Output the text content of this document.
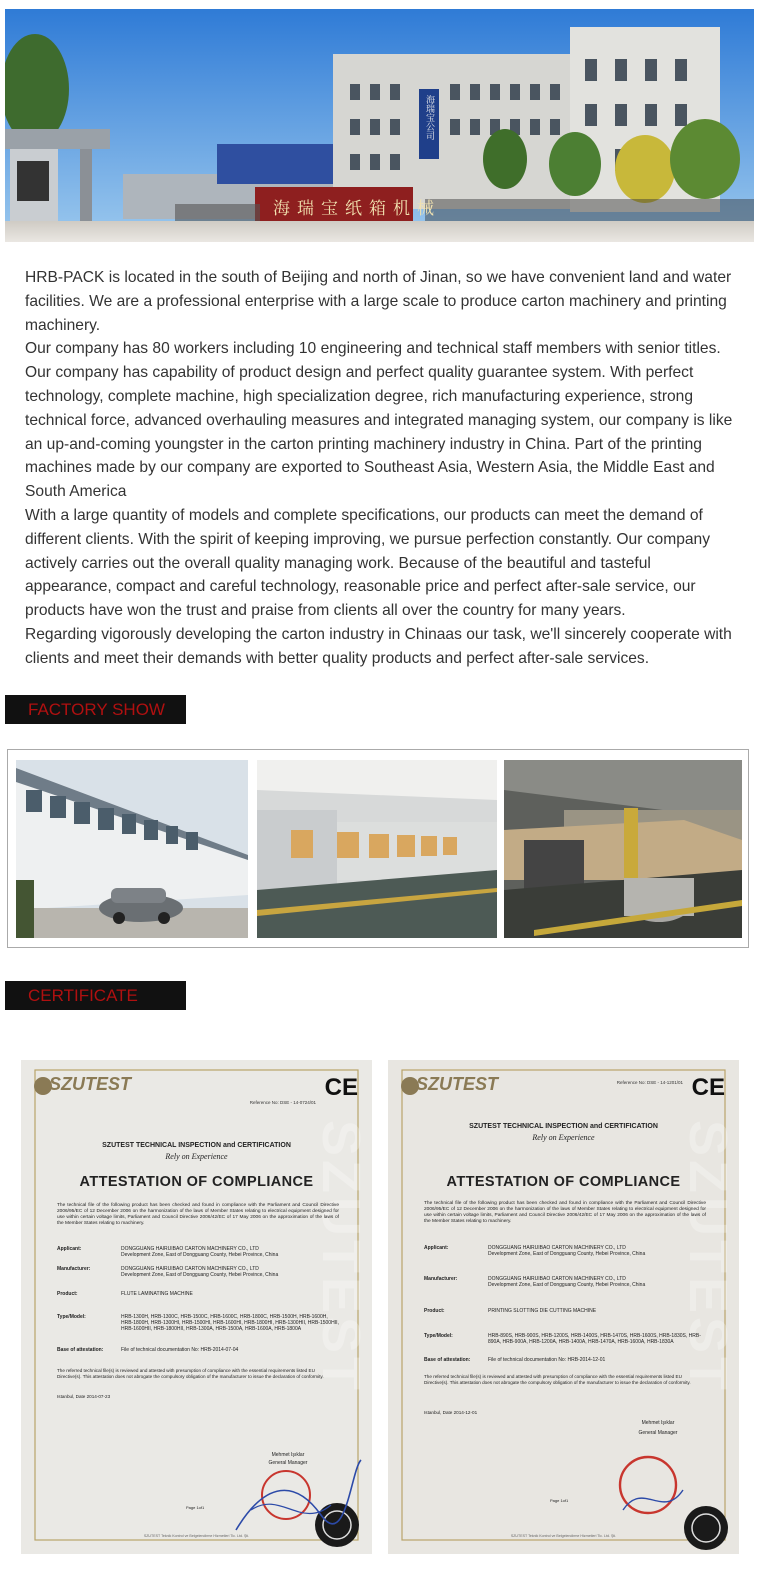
海瑞宝纸箱机械
海瑞宝公司

HRB-PACK is located in the south of Beijing and north of Jinan, so we have convenient land and water facilities. We are a professional enterprise with a large scale to produce carton machinery and printing machinery.

Our company has 80 workers including 10 engineering and technical staff members with senior titles. Our company has capability of product design and perfect quality guarantee system. With perfect technology, complete machine, high specialization degree, rich manufacturing experience, strong technical force, advanced overhauling measures and integrated managing system, our company is like an up-and-coming youngster in the carton printing machinery industry in China. Part of the printing machines made by our company are exported to Southeast Asia, Western Asia, the Middle East and South America

With a large quantity of models and complete specifications, our products can meet the demand of different clients. With the spirit of keeping improving, we pursue perfection constantly. Our company actively carries out the overall quality managing work. Because of the beautiful and tasteful appearance, compact and careful technology, reasonable price and perfect after-sale service, our products have won the trust and praise from clients all over the country for many years.

Regarding vigorously developing the carton industry in Chinaas our task, we'll sincerely cooperate with clients and meet their demands with better quality products and perfect after-sale services.

FACTORY SHOW
CERTIFICATE
SZUTEST
SZUTEST	CE
Reference No: DSE - 14-0724/01
SZUTEST TECHNICAL INSPECTION and CERTIFICATION
Rely on Experience
ATTESTATION OF COMPLIANCE
The technical file of the following product has been checked and found in compliance with the Parliament and Council Directive 2006/95/EC of 12 December 2006 on the harmonization of the laws of Member States relating to electrical equipment designed for use within certain voltage limits, Parliament and Council Directive 2006/42/EC of 17 May 2006 on the approximation of the laws of the Member States relating to machinery.
Applicant:	DONGGUANG HAIRUIBAO CARTON MACHINERY CO., LTD
Development Zone, East of Dongguang County, Hebei Province, China
Manufacturer:	DONGGUANG HAIRUIBAO CARTON MACHINERY CO., LTD
Development Zone, East of Dongguang County, Hebei Province, China
Product:	FLUTE LAMINATING MACHINE
Type/Model:	HRB-1300H, HRB-1300C, HRB-1500C, HRB-1600C, HRB-1800C, HRB-1500H, HRB-1600H, HRB-1800H, HRB-1300HI, HRB-1500HI, HRB-1600HI, HRB-1800HI, HRB-1300HII, HRB-1500HII, HRB-1600HII, HRB-1800HII, HRB-1300A, HRB-1500A, HRB-1600A, HRB-1800A
Base of attestation:	File of technical documentation No: HRB-2014-07-04
The referred technical file(s) is reviewed and attested with presumption of compliance with the essential requirements listed EU Directive(s). This attestation does not abrogate the compulsory obligation of the manufacturer to issue the declaration of conformity.
Istanbul, Date 2014-07-23
Mehmet Işıklar
General Manager
Page 1of1
SZUTEST Teknik Kontrol ve Belgelendirme Hizmetleri Tic. Ltd. Şti.
SZUTEST
SZUTEST	CE
Reference No: DSE - 14-1201/01
SZUTEST TECHNICAL INSPECTION and CERTIFICATION
Rely on Experience
ATTESTATION OF COMPLIANCE
The technical file of the following product has been checked and found in compliance with the Parliament and Council Directive 2006/95/EC of 12 December 2006 on the harmonization of the laws of Member States relating to electrical equipment designed for use within certain voltage limits, Parliament and Council Directive 2006/42/EC of 17 May 2006 on the approximation of the laws of the Member States relating to machinery.
Applicant:	DONGGUANG HAIRUIBAO CARTON MACHINERY CO., LTD
Development Zone, East of Dongguang County, Hebei Province, China
Manufacturer:	DONGGUANG HAIRUIBAO CARTON MACHINERY CO., LTD
Development Zone, East of Dongguang County, Hebei Province, China
Product:	PRINTING SLOTTING DIE CUTTING MACHINE
Type/Model:	HRB-890S, HRB-900S, HRB-1200S, HRB-1400S, HRB-1470S, HRB-1600S, HRB-1830S, HRB-890A, HRB-900A, HRB-1200A, HRB-1400A, HRB-1470A, HRB-1600A, HRB-1830A
Base of attestation:	File of technical documentation No: HRB-2014-12-01
The referred technical file(s) is reviewed and attested with presumption of compliance with the essential requirements listed EU Directive(s). This attestation does not abrogate the compulsory obligation of the manufacturer to issue the declaration of conformity.
Istanbul, Date 2014-12-01
Mehmet Işıklar
General Manager
Page 1of1
SZUTEST Teknik Kontrol ve Belgelendirme Hizmetleri Tic. Ltd. Şti.
